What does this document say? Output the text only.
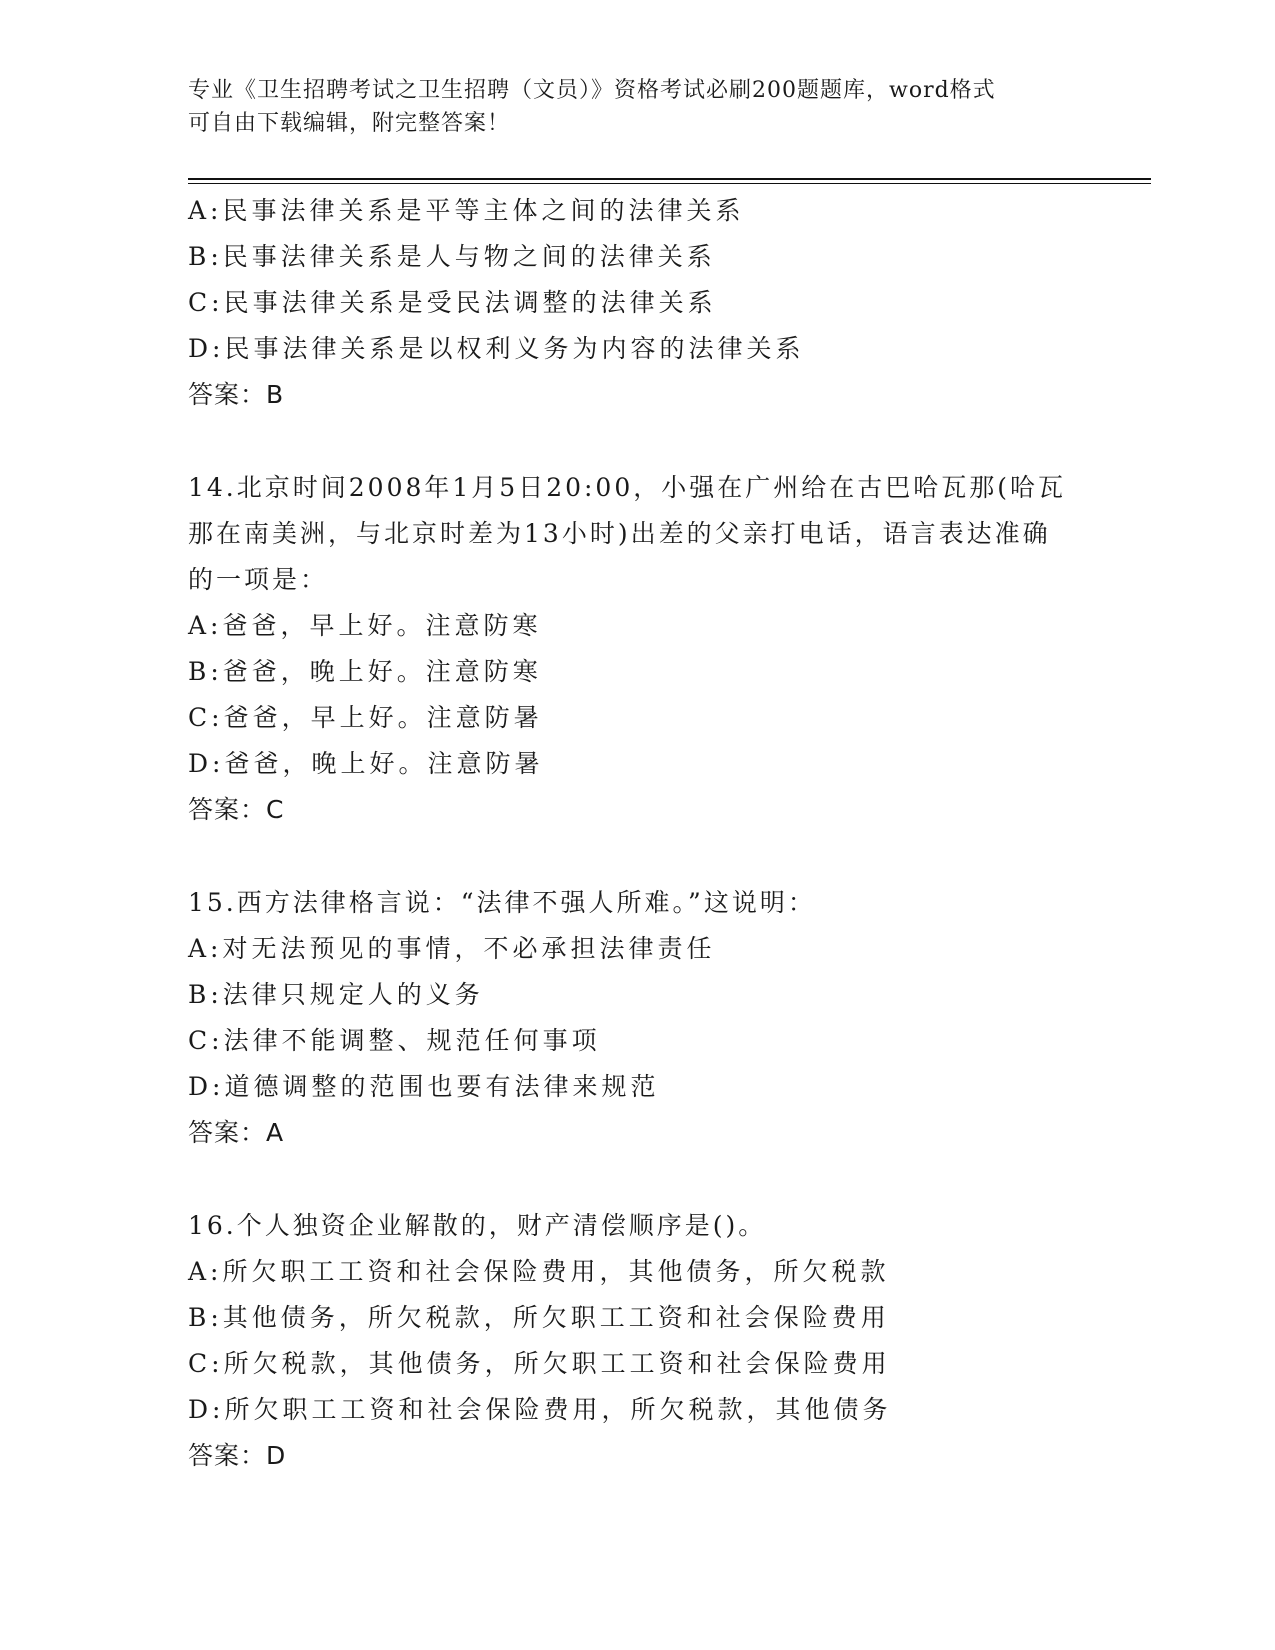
专业《卫生招聘考试之卫生招聘（文员）》资格考试必刷200题题库，word格式
可自由下载编辑，附完整答案！
A:民事法律关系是平等主体之间的法律关系
B:民事法律关系是人与物之间的法律关系
C:民事法律关系是受民法调整的法律关系
D:民事法律关系是以权利义务为内容的法律关系
答案：B
14.北京时间2008年1月5日20:00，小强在广州给在古巴哈瓦那(哈瓦那在南美洲，与北京时差为13小时)出差的父亲打电话，语言表达准确的一项是：
A:爸爸，早上好。注意防寒
B:爸爸，晚上好。注意防寒
C:爸爸，早上好。注意防暑
D:爸爸，晚上好。注意防暑
答案：C
15.西方法律格言说：“法律不强人所难。”这说明：
A:对无法预见的事情，不必承担法律责任
B:法律只规定人的义务
C:法律不能调整、规范任何事项
D:道德调整的范围也要有法律来规范
答案：A
16.个人独资企业解散的，财产清偿顺序是()。
A:所欠职工工资和社会保险费用，其他债务，所欠税款
B:其他债务，所欠税款，所欠职工工资和社会保险费用
C:所欠税款，其他债务，所欠职工工资和社会保险费用
D:所欠职工工资和社会保险费用，所欠税款，其他债务
答案：D
